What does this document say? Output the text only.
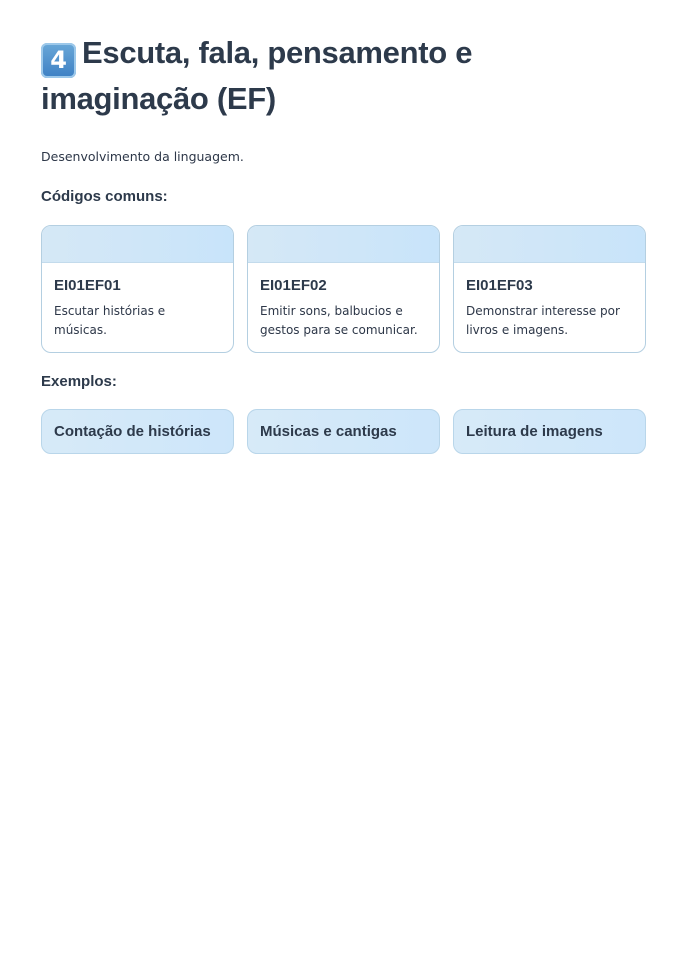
4 Escuta, fala, pensamento e imaginação (EF)

Desenvolvimento da linguagem.

Códigos comuns:
EI01EF01
Escutar histórias e músicas.
EI01EF02
Emitir sons, balbucios e gestos para se comunicar.
EI01EF03
Demonstrar interesse por livros e imagens.
Exemplos:
Contação de histórias	Músicas e cantigas	Leitura de imagens
